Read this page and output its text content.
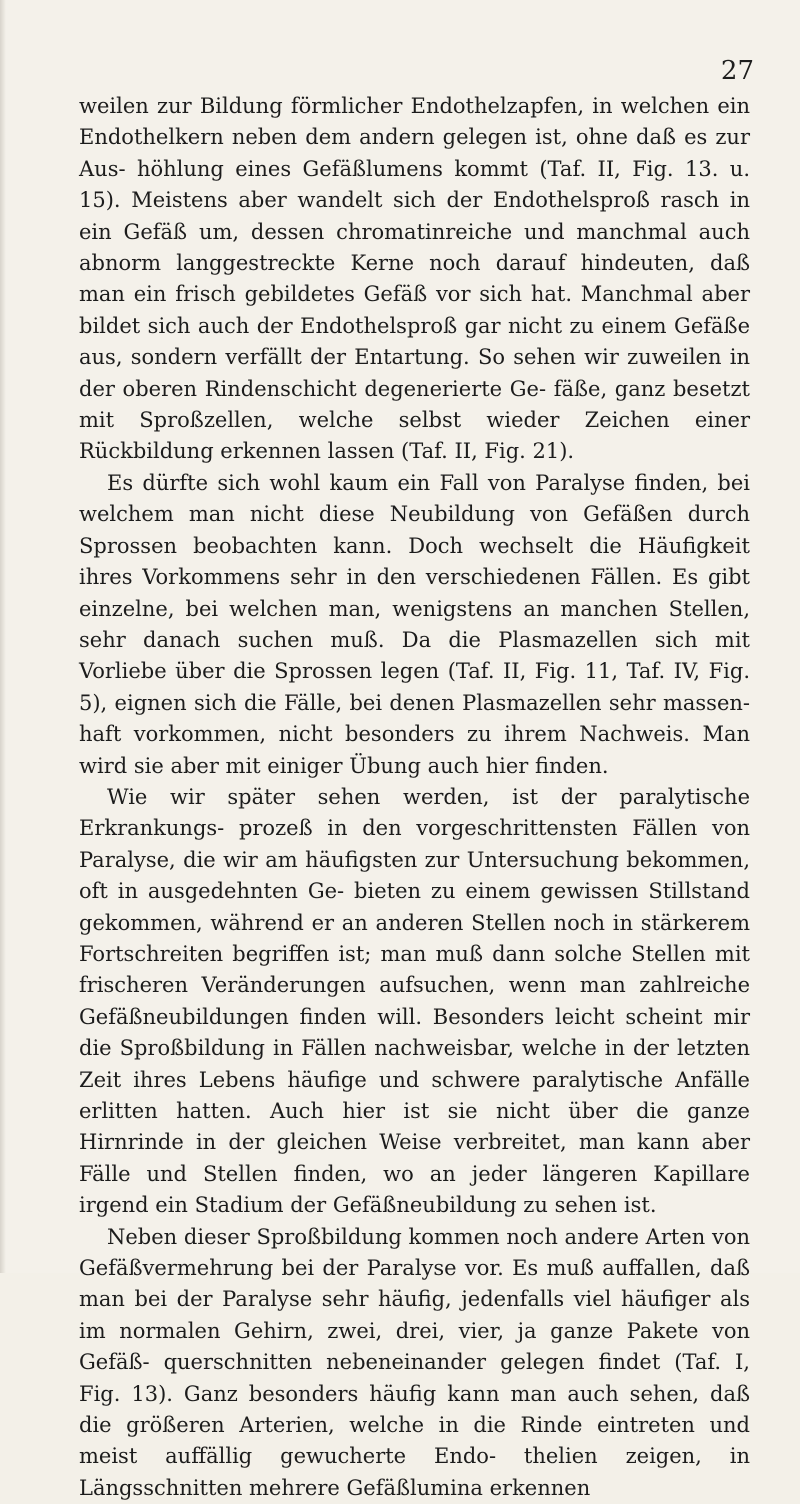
27

weilen zur Bildung förmlicher Endothelzapfen, in welchen ein Endothelkern neben dem andern gelegen ist, ohne daß es zur Aus- höhlung eines Gefäßlumens kommt (Taf. II, Fig. 13. u. 15). Meistens aber wandelt sich der Endothelsproß rasch in ein Gefäß um, dessen chromatinreiche und manchmal auch abnorm langgestreckte Kerne noch darauf hindeuten, daß man ein frisch gebildetes Gefäß vor sich hat. Manchmal aber bildet sich auch der Endothelsproß gar nicht zu einem Gefäße aus, sondern verfällt der Entartung. So sehen wir zuweilen in der oberen Rindenschicht degenerierte Ge- fäße, ganz besetzt mit Sproßzellen, welche selbst wieder Zeichen einer Rückbildung erkennen lassen (Taf. II, Fig. 21).

Es dürfte sich wohl kaum ein Fall von Paralyse finden, bei welchem man nicht diese Neubildung von Gefäßen durch Sprossen beobachten kann. Doch wechselt die Häufigkeit ihres Vorkommens sehr in den verschiedenen Fällen. Es gibt einzelne, bei welchen man, wenigstens an manchen Stellen, sehr danach suchen muß. Da die Plasmazellen sich mit Vorliebe über die Sprossen legen (Taf. II, Fig. 11, Taf. IV, Fig. 5), eignen sich die Fälle, bei denen Plasmazellen sehr massen- haft vorkommen, nicht besonders zu ihrem Nachweis. Man wird sie aber mit einiger Übung auch hier finden.

Wie wir später sehen werden, ist der paralytische Erkrankungs- prozeß in den vorgeschrittensten Fällen von Paralyse, die wir am häufigsten zur Untersuchung bekommen, oft in ausgedehnten Ge- bieten zu einem gewissen Stillstand gekommen, während er an anderen Stellen noch in stärkerem Fortschreiten begriffen ist; man muß dann solche Stellen mit frischeren Veränderungen aufsuchen, wenn man zahlreiche Gefäßneubildungen finden will. Besonders leicht scheint mir die Sproßbildung in Fällen nachweisbar, welche in der letzten Zeit ihres Lebens häufige und schwere paralytische Anfälle erlitten hatten. Auch hier ist sie nicht über die ganze Hirnrinde in der gleichen Weise verbreitet, man kann aber Fälle und Stellen finden, wo an jeder längeren Kapillare irgend ein Stadium der Gefäßneubildung zu sehen ist.

Neben dieser Sproßbildung kommen noch andere Arten von Gefäßvermehrung bei der Paralyse vor. Es muß auffallen, daß man bei der Paralyse sehr häufig, jedenfalls viel häufiger als im normalen Gehirn, zwei, drei, vier, ja ganze Pakete von Gefäß- querschnitten nebeneinander gelegen findet (Taf. I, Fig. 13). Ganz besonders häufig kann man auch sehen, daß die größeren Arterien, welche in die Rinde eintreten und meist auffällig gewucherte Endo- thelien zeigen, in Längsschnitten mehrere Gefäßlumina erkennen
